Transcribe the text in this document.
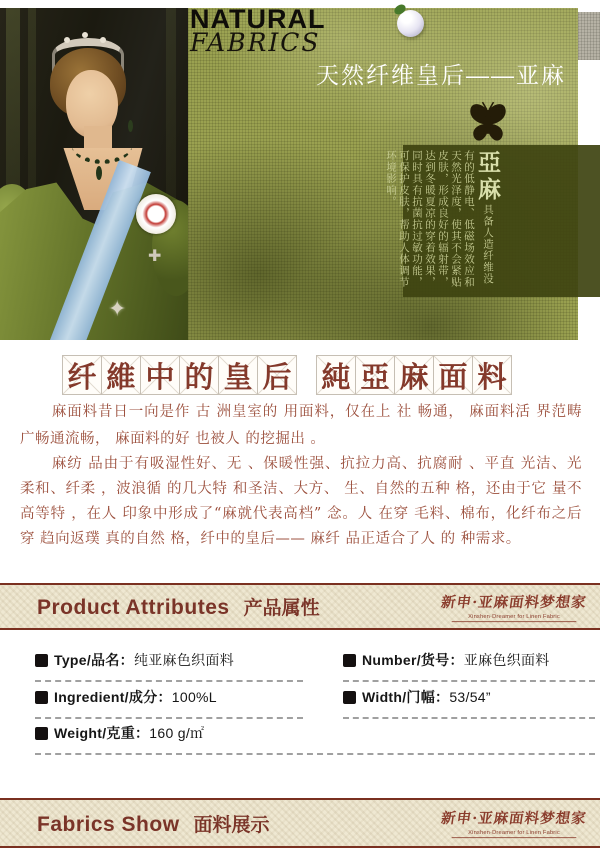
✚
✦
NATURAL
FABRICS
天然纤维皇后——亚麻
亞麻具备人造纤维没有的低静电、低磁场效应和天然光泽度，使其不会紧贴皮肤，形成良好的辐射带，达到冬暖夏凉的穿着效果，同时具有抗菌抗过敏功能，可保护皮肤，帮助人体调节环境影响。
纤 維 中 的 皇 后 純 亞 麻 面 料

麻面料昔日一向是作 古 洲皇室的 用面料，仅在上 社 畅通， 麻面料活 界范畴 广畅通流畅， 麻面料的好 也被人 的挖掘出 。

麻纺 品由于有吸湿性好、无 、保暖性强、抗拉力高、抗腐耐 、平直 光洁、光 柔和、纤柔 ，波浪循 的几大特 和圣洁、大方、 生、自然的五种 格，还由于它 量不高等特 ，在人 印象中形成了“麻就代表高档” 念。人 在穿 毛料、棉布，化纤布之后穿 趋向返璞 真的自然 格，纤中的皇后—— 麻纤 品正适合了人 的 种需求。

Product Attributes 产品属性	新申·亚麻面料梦想家
Xinshen·Dreamer for Linen Fabric
Type/品名： 纯亚麻色织面料	Number/货号： 亚麻色织面料
Ingredient/成分： 100%L	Width/门幅： 53/54”
Weight/克重： 160 g/㎡
Fabrics Show 面料展示	新申·亚麻面料梦想家
Xinshen·Dreamer for Linen Fabric
